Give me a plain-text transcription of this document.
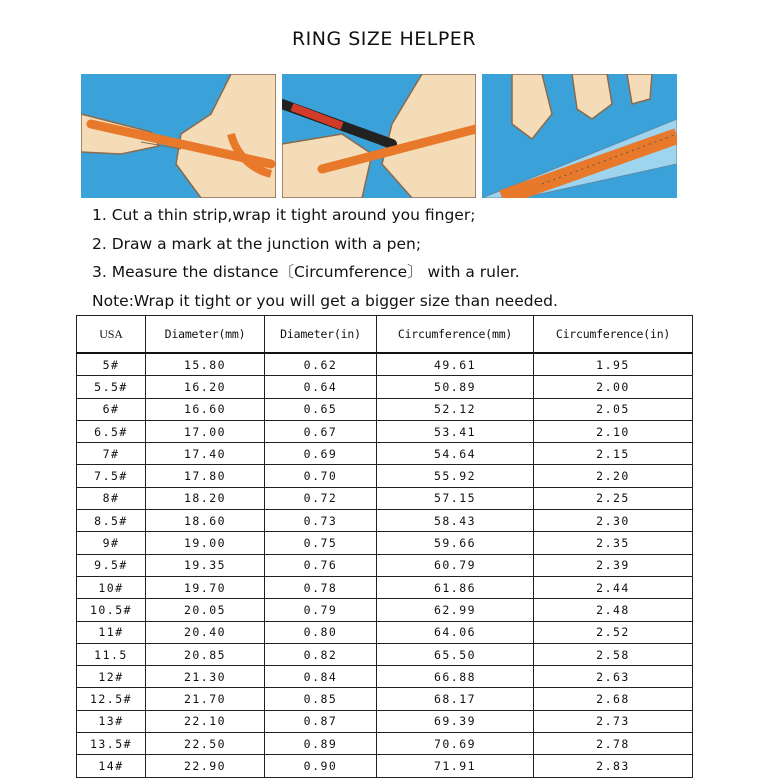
RING SIZE HELPER
1. Cut a thin strip,wrap it tight around you finger;
2. Draw a mark at the junction with a pen;
3. Measure the distance〔Circumference〕 with a ruler.
Note:Wrap it tight or you will get a bigger size than needed.
USA	Diameter(mm)	Diameter(in)	Circumference(mm)	Circumference(in)
5#	15.80	0.62	49.61	1.95
5.5#	16.20	0.64	50.89	2.00
6#	16.60	0.65	52.12	2.05
6.5#	17.00	0.67	53.41	2.10
7#	17.40	0.69	54.64	2.15
7.5#	17.80	0.70	55.92	2.20
8#	18.20	0.72	57.15	2.25
8.5#	18.60	0.73	58.43	2.30
9#	19.00	0.75	59.66	2.35
9.5#	19.35	0.76	60.79	2.39
10#	19.70	0.78	61.86	2.44
10.5#	20.05	0.79	62.99	2.48
11#	20.40	0.80	64.06	2.52
11.5	20.85	0.82	65.50	2.58
12#	21.30	0.84	66.88	2.63
12.5#	21.70	0.85	68.17	2.68
13#	22.10	0.87	69.39	2.73
13.5#	22.50	0.89	70.69	2.78
14#	22.90	0.90	71.91	2.83
